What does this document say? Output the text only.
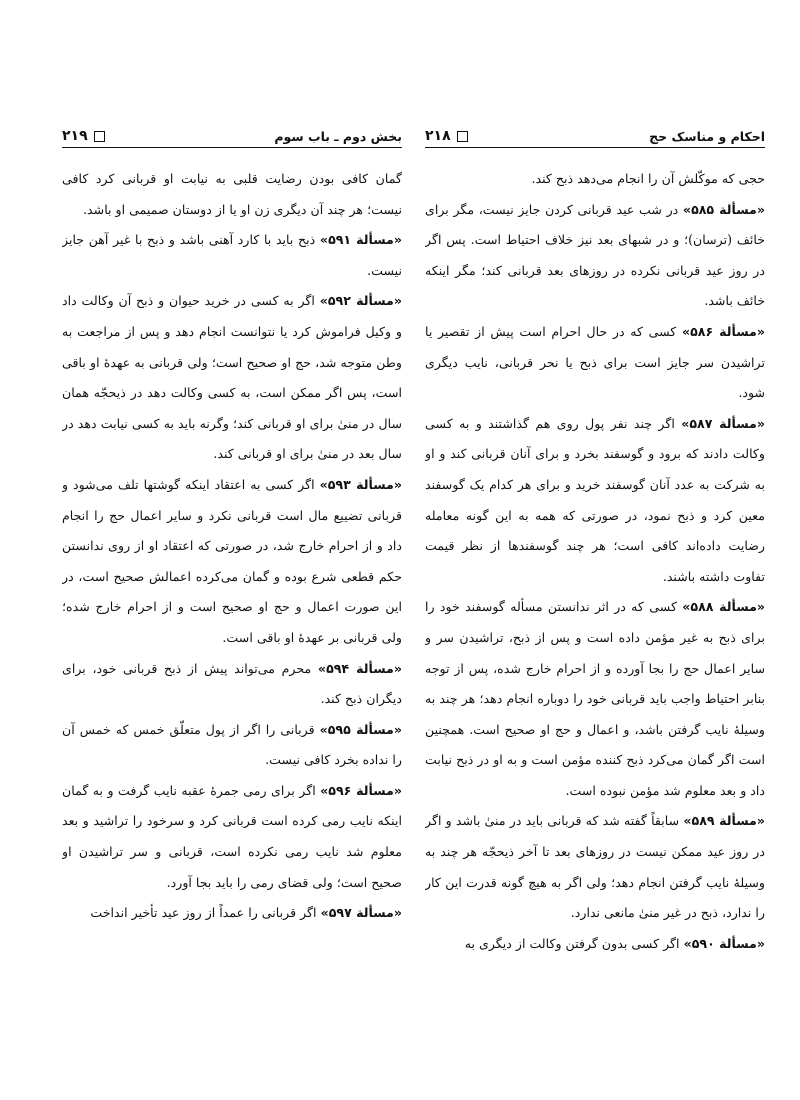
بخش دوم ـ باب سوم
۲۱۹

گمان کافی بودن رضایت قلبی به نیابت او قربانی کرد کافی نیست؛ هر چند آن دیگری زن او یا از دوستان صمیمی او باشد.

«مسألة ۵۹۱» ذبح باید با کارد آهنی باشد و ذبح با غیر آهن جایز نیست.

«مسألة ۵۹۲» اگر به کسی در خرید حیوان و ذبح آن وکالت داد و وکیل فراموش کرد یا نتوانست انجام دهد و پس از مراجعت به وطن متوجه شد، حج او صحیح است؛ ولی قربانی به عهدهٔ او باقی است، پس اگر ممکن است، به کسی وکالت دهد در ذیحجّه همان سال در منیٰ برای او قربانی کند؛ وگرنه باید به کسی نیابت دهد در سال بعد در منیٰ برای او قربانی کند.

«مسألة ۵۹۳» اگر کسی به اعتقاد اینکه گوشتها تلف می‌شود و قربانی تضییع مال است قربانی نکرد و سایر اعمال حج را انجام داد و از احرام خارج شد، در صورتی که اعتقاد او از روی ندانستن حکم قطعی شرع بوده و گمان می‌کرده اعمالش صحیح است، در این صورت اعمال و حج او صحیح است و از احرام خارج شده؛ ولی قربانی بر عهدهٔ او باقی است.

«مسألة ۵۹۴» محرم می‌تواند پیش از ذبح قربانی خود، برای دیگران ذبح کند.

«مسألة ۵۹۵» قربانی را اگر از پول متعلّق خمس که خمس آن را نداده بخرد کافی نیست.

«مسألة ۵۹۶» اگر برای رمی جمرهٔ عقبه نایب گرفت و به گمان اینکه نایب رمی کرده است قربانی کرد و سرخود را تراشید و بعد معلوم شد نایب رمی نکرده است، قربانی و سر تراشیدن او صحیح است؛ ولی قضای رمی را باید بجا آورد.

«مسألة ۵۹۷» اگر قربانی را عمداً از روز عید تأخیر انداخت

احکام و مناسک حج
۲۱۸

حجی که موکّلش آن را انجام می‌دهد ذبح کند.

«مسألة ۵۸۵» در شب عید قربانی کردن جایز نیست، مگر برای خائف (ترسان)؛ و در شبهای بعد نیز خلاف احتیاط است. پس اگر در روز عید قربانی نکرده در روزهای بعد قربانی کند؛ مگر اینکه خائف باشد.

«مسألة ۵۸۶» کسی که در حال احرام است پیش از تقصیر یا تراشیدن سر جایز است برای ذبح یا نحر قربانی، نایب دیگری شود.

«مسألة ۵۸۷» اگر چند نفر پول روی هم گذاشتند و به کسی وکالت دادند که برود و گوسفند بخرد و برای آنان قربانی کند و او به شرکت به عدد آنان گوسفند خرید و برای هر کدام یک گوسفند معین کرد و ذبح نمود، در صورتی که همه به این گونه معامله رضایت داده‌اند کافی است؛ هر چند گوسفندها از نظر قیمت تفاوت داشته باشند.

«مسألة ۵۸۸» کسی که در اثر ندانستن مسأله گوسفند خود را برای ذبح به غیر مؤمن داده است و پس از ذبح، تراشیدن سر و سایر اعمال حج را بجا آورده و از احرام خارج شده، پس از توجه بنابر احتیاط واجب باید قربانی خود را دوباره انجام دهد؛ هر چند به وسیلهٔ نایب گرفتن باشد، و اعمال و حج او صحیح است. همچنین است اگر گمان می‌کرد ذبح کننده مؤمن است و به او در ذبح نیابت داد و بعد معلوم شد مؤمن نبوده است.

«مسألة ۵۸۹» سابقاً گفته شد که قربانی باید در منیٰ باشد و اگر در روز عید ممکن نیست در روزهای بعد تا آخر ذیحجّه هر چند به وسیلهٔ نایب گرفتن انجام دهد؛ ولی اگر به هیچ گونه قدرت این کار را ندارد، ذبح در غیر منیٰ مانعی ندارد.

«مسألة ۵۹۰» اگر کسی بدون گرفتن وکالت از دیگری به
